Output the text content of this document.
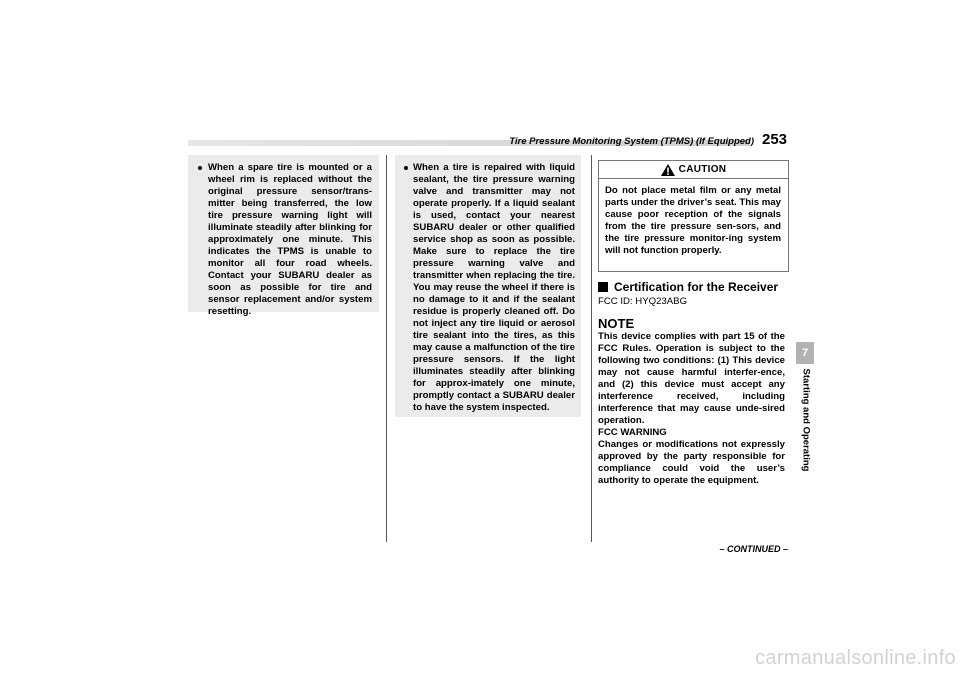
Tire Pressure Monitoring System (TPMS) (If Equipped) 253
When a spare tire is mounted or a wheel rim is replaced without the original pressure sensor/trans-mitter being transferred, the low tire pressure warning light will illuminate steadily after blinking for approximately one minute. This indicates the TPMS is unable to monitor all four road wheels. Contact your SUBARU dealer as soon as possible for tire and sensor replacement and/or system resetting.
When a tire is repaired with liquid sealant, the tire pressure warning valve and transmitter may not operate properly. If a liquid sealant is used, contact your nearest SUBARU dealer or other qualified service shop as soon as possible. Make sure to replace the tire pressure warning valve and transmitter when replacing the tire. You may reuse the wheel if there is no damage to it and if the sealant residue is properly cleaned off. Do not inject any tire liquid or aerosol tire sealant into the tires, as this may cause a malfunction of the tire pressure sensors. If the light illuminates steadily after blinking for approx-imately one minute, promptly contact a SUBARU dealer to have the system inspected.
CAUTION
Do not place metal film or any metal parts under the driver’s seat. This may cause poor reception of the signals from the tire pressure sen-sors, and the tire pressure monitor-ing system will not function properly.
Certification for the Receiver
FCC ID: HYQ23ABG
NOTE

This device complies with part 15 of the FCC Rules. Operation is subject to the following two conditions: (1) This device may not cause harmful interfer-ence, and (2) this device must accept any interference received, including interference that may cause unde-sired operation.

FCC WARNING

Changes or modifications not expressly approved by the party responsible for compliance could void the user’s authority to operate the equipment.

7
Starting and Operating
– CONTINUED –
carmanualsonline.info
